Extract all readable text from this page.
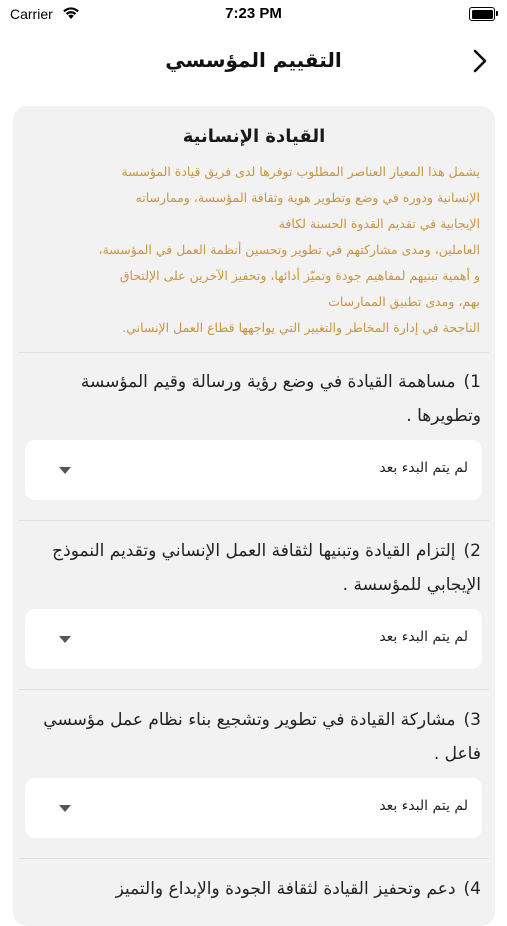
Carrier	7:23 PM
التقييم المؤسسي
القيادة الإنسانية
يشمل هذا المعيار العناصر المطلوب توفرها لدى فريق قيادة المؤسسة
الإنسانية ودوره في وضع وتطوير هوية وثقافة المؤسسة، وممارساته
الإيجابية في تقديم القدوة الحسنة لكافة
العاملين، ومدى مشاركتهم في تطوير وتحسين أنظمة العمل في المؤسسة،
و أهمية تبنيهم لمفاهيم جودة وتميّز أدائها، وتحفيز الآخرين على الإلتحاق
بهم، ومدى تطبيق الممارسات
الناجحة في إدارة المخاطر والتغيير التي يواجهها قطاع العمل الإنساني.
1)مساهمة القيادة في وضع رؤية ورسالة وقيم المؤسسة وتطويرها .
لم يتم البدء بعد
2)إلتزام القيادة وتبنيها لثقافة العمل الإنساني وتقديم النموذج الإيجابي للمؤسسة .
لم يتم البدء بعد
3)مشاركة القيادة في تطوير وتشجيع بناء نظام عمل مؤسسي فاعل .
لم يتم البدء بعد
4)دعم وتحفيز القيادة لثقافة الجودة والإبداع والتميز
